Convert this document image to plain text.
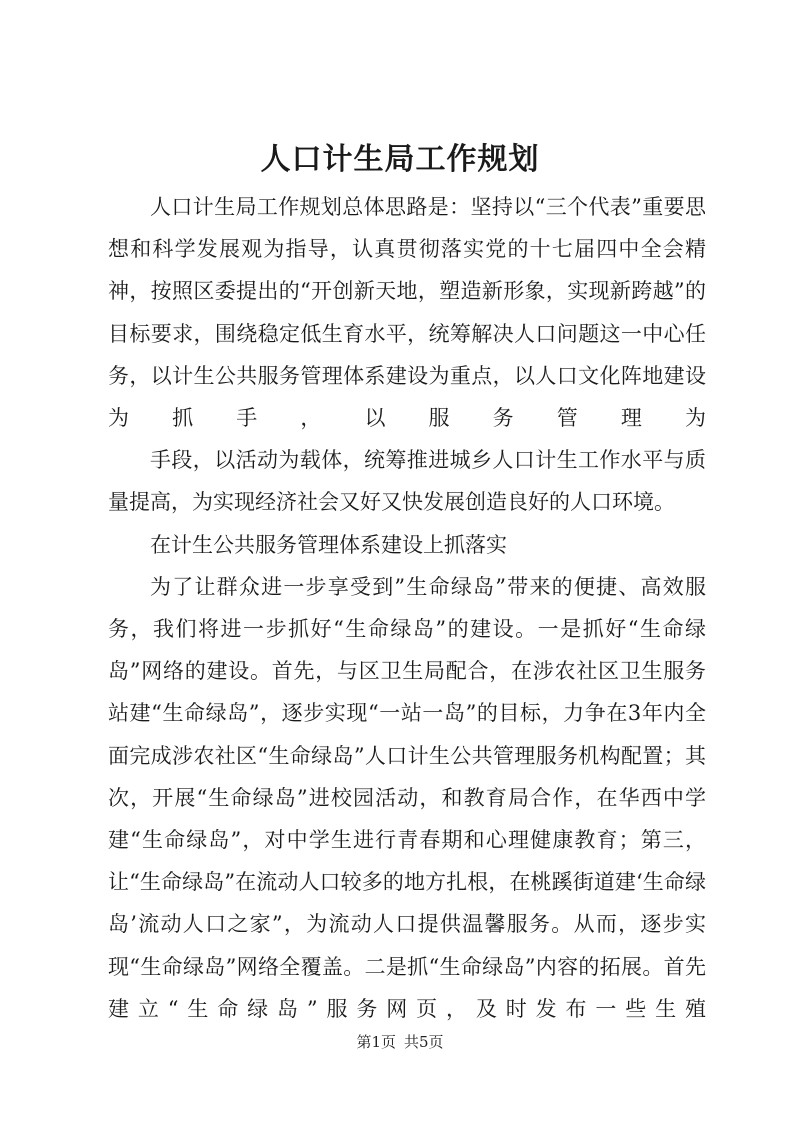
人口计生局工作规划

人口计生局工作规划总体思路是：坚持以“三个代表”重要思想和科学发展观为指导，认真贯彻落实党的十七届四中全会精神，按照区委提出的“开创新天地，塑造新形象，实现新跨越”的目标要求，围绕稳定低生育水平，统筹解决人口问题这一中心任务，以计生公共服务管理体系建设为重点，以人口文化阵地建设为抓手，以服务管理为

手段，以活动为载体，统筹推进城乡人口计生工作水平与质量提高，为实现经济社会又好又快发展创造良好的人口环境。

在计生公共服务管理体系建设上抓落实

为了让群众进一步享受到”生命绿岛”带来的便捷、高效服务，我们将进一步抓好“生命绿岛”的建设。一是抓好“生命绿岛”网络的建设。首先，与区卫生局配合，在涉农社区卫生服务站建“生命绿岛”，逐步实现“一站一岛”的目标，力争在3年内全面完成涉农社区“生命绿岛”人口计生公共管理服务机构配置；其次，开展“生命绿岛”进校园活动，和教育局合作，在华西中学建“生命绿岛”，对中学生进行青春期和心理健康教育；第三，让“生命绿岛”在流动人口较多的地方扎根，在桃蹊街道建‘生命绿岛’流动人口之家”，为流动人口提供温馨服务。从而，逐步实现“生命绿岛”网络全覆盖。二是抓“生命绿岛”内容的拓展。首先建立“生命绿岛”服务网页，及时发布一些生殖

第1页 共5页
